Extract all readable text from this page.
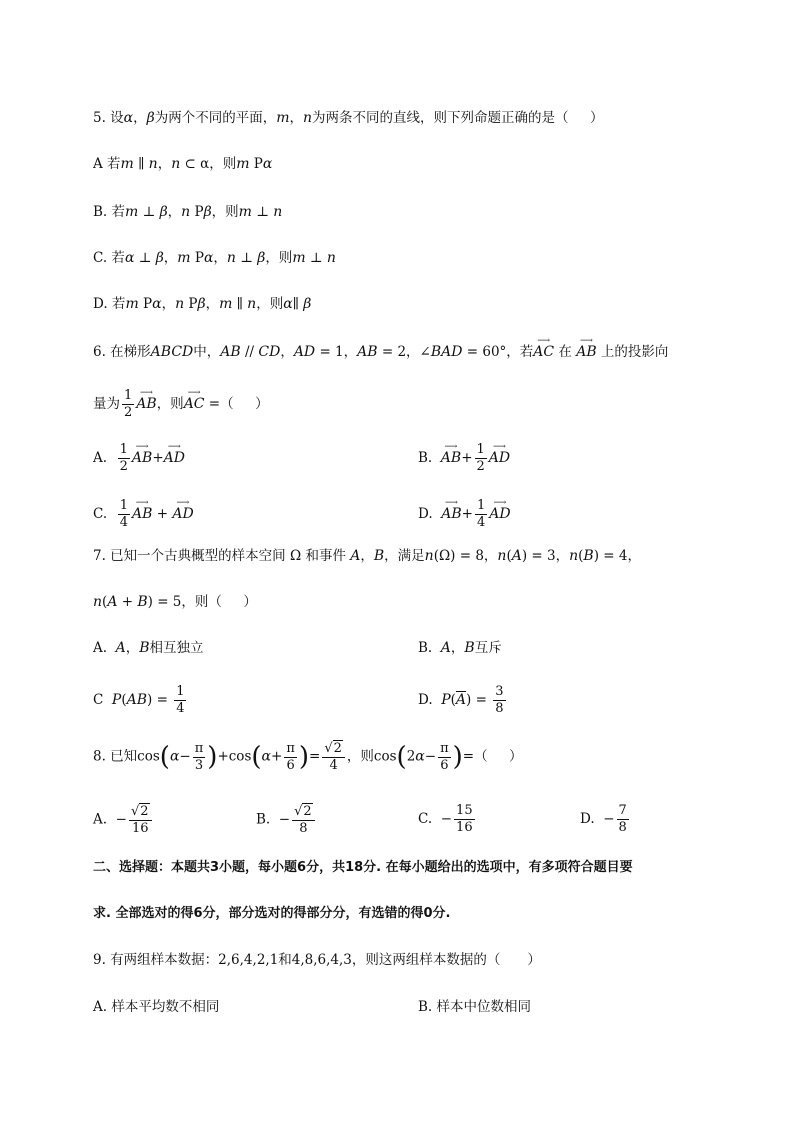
5. 设α，β为两个不同的平面，m，n为两条不同的直线，则下列命题正确的是（     ）
A 若m ∥ n，n ⊂ α，则m Pα
B. 若m ⊥ β，n Pβ，则m ⊥ n
C. 若α ⊥ β，m Pα，n ⊥ β，则m ⊥ n
D. 若m Pα，n Pβ，m ∥ n，则α∥ β
6. 在梯形ABCD中，AB // CD，AD = 1，AB = 2，∠BAD = 60°，若⟶ AC 在 ⟶ AB 上的投影向
量为 $\frac{1}{2}$ ⟶ AB，则⟶ AC =（     ）
A. $\frac{1}{2}$ ⟶ AB+⟶ AD	B.  ⟶ $AB+ \frac{1}{2}$ ⟶ AD
C. $\frac{1}{4}$ ⟶ AB + ⟶ AD	D.  ⟶ $AB+ \frac{1}{4}$ ⟶ AD
7. 已知一个古典概型的样本空间 Ω 和事件 A，B，满足n(Ω) = 8，n(A) = 3，n(B) = 4，
n(A + B) = 5，则（     ）
A.  A，B相互独立	B.  A，B互斥
C  $P(AB) = \frac{1}{4}$	D.  $P(\overline{A}) = \frac{3}{8}$
8. 已知$\cos(\alpha- \frac{\pi}{3} )+\cos(\alpha+ \frac{\pi}{6}$ )= $\frac{√2}{4}$ ，则$\cos(2\alpha- \frac{\pi}{6}$ )=（     ）
A.  − $\frac{√2}{16}$	B.  − $\frac{√2}{8}$	C.  − $\frac{15}{16}$	D.  − $\frac{7}{8}$
二、选择题：本题共3小题，每小题6分，共18分. 在每小题给出的选项中，有多项符合题目要
求. 全部选对的得6分，部分选对的得部分分，有选错的得0分.
9. 有两组样本数据：2,6,4,2,1和4,8,6,4,3，则这两组样本数据的（　　）
A. 样本平均数不相同	B. 样本中位数相同
